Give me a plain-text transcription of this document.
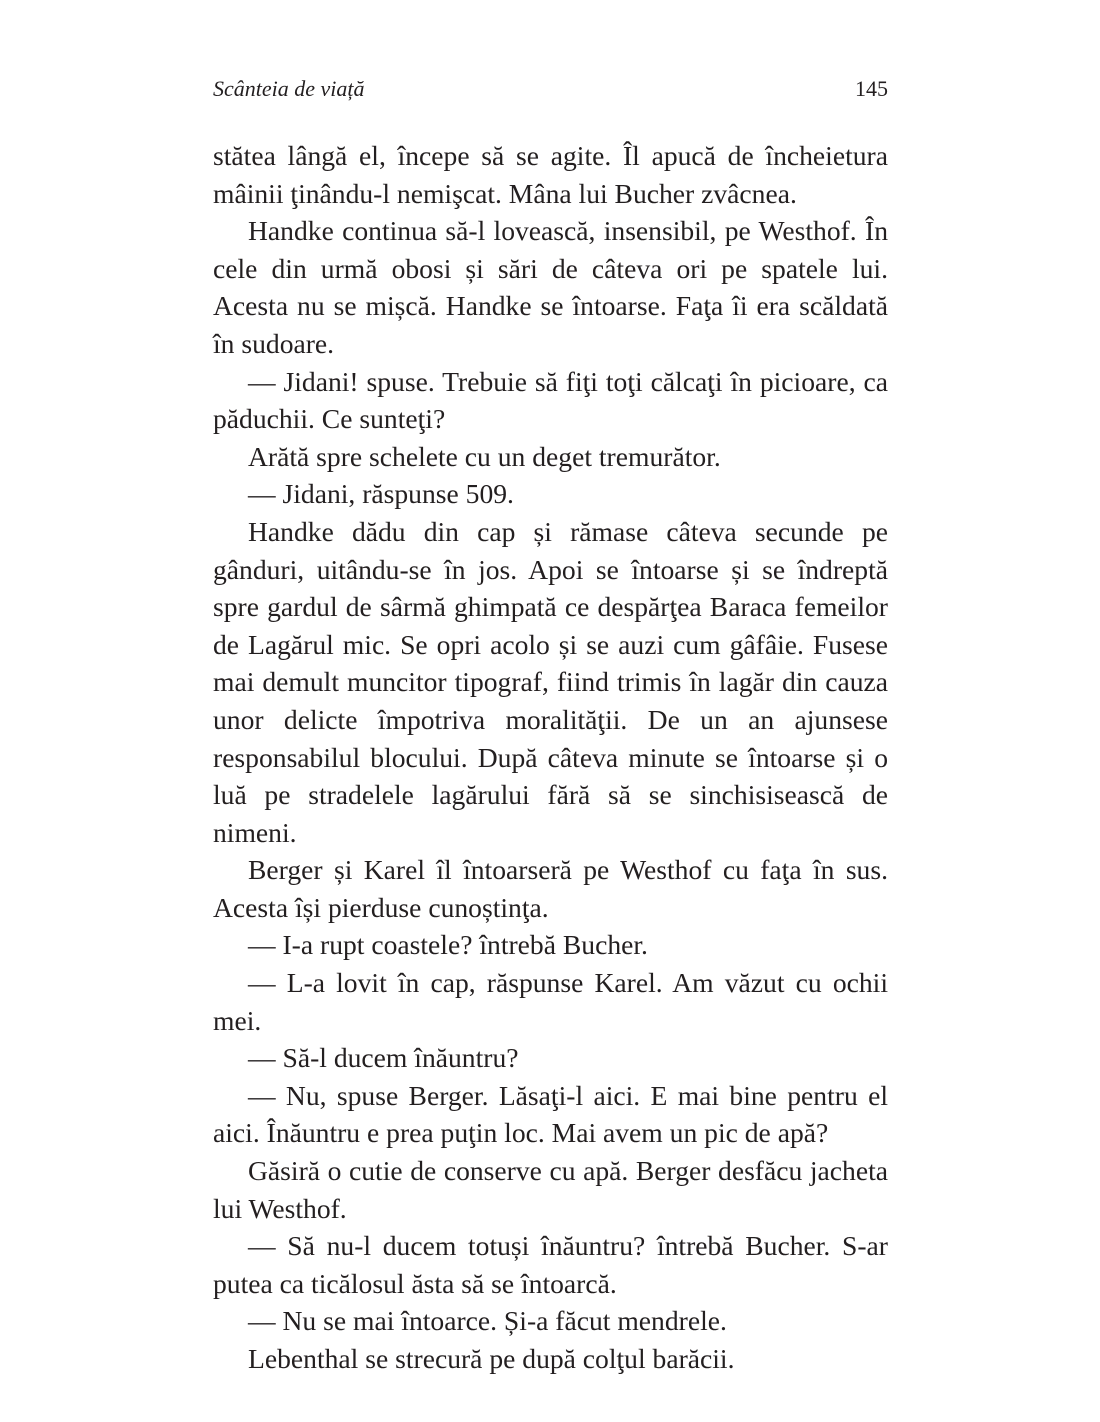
Scânteia de viață	145

stătea lângă el, începe să se agite. Îl apucă de încheietura mâinii ţinându-l nemişcat. Mâna lui Bucher zvâcnea.

Handke continua să-l lovească, insensibil, pe Westhof. În cele din urmă obosi și sări de câteva ori pe spatele lui. Acesta nu se mișcă. Handke se întoarse. Faţa îi era scăldată în sudoare.

— Jidani! spuse. Trebuie să fiţi toţi călcaţi în picioare, ca păduchii. Ce sunteţi?

Arătă spre schelete cu un deget tremurător.

— Jidani, răspunse 509.

Handke dădu din cap și rămase câteva secunde pe gânduri, uitându-se în jos. Apoi se întoarse și se îndreptă spre gardul de sârmă ghimpată ce despărţea Baraca femeilor de Lagărul mic. Se opri acolo și se auzi cum gâfâie. Fusese mai demult muncitor tipograf, fiind trimis în lagăr din cauza unor delicte împotriva moralităţii. De un an ajunsese responsabilul blocului. După câteva minute se întoarse și o luă pe stradelele lagărului fără să se sinchisisească de nimeni.

Berger și Karel îl întoarseră pe Westhof cu faţa în sus. Acesta își pierduse cunoștinţa.

— I-a rupt coastele? întrebă Bucher.

— L-a lovit în cap, răspunse Karel. Am văzut cu ochii mei.

— Să-l ducem înăuntru?

— Nu, spuse Berger. Lăsaţi-l aici. E mai bine pentru el aici. Înăuntru e prea puţin loc. Mai avem un pic de apă?

Găsiră o cutie de conserve cu apă. Berger desfăcu jacheta lui Westhof.

— Să nu-l ducem totuși înăuntru? întrebă Bucher. S-ar putea ca ticălosul ăsta să se întoarcă.

— Nu se mai întoarce. Și-a făcut mendrele.

Lebenthal se strecură pe după colţul barăcii.
